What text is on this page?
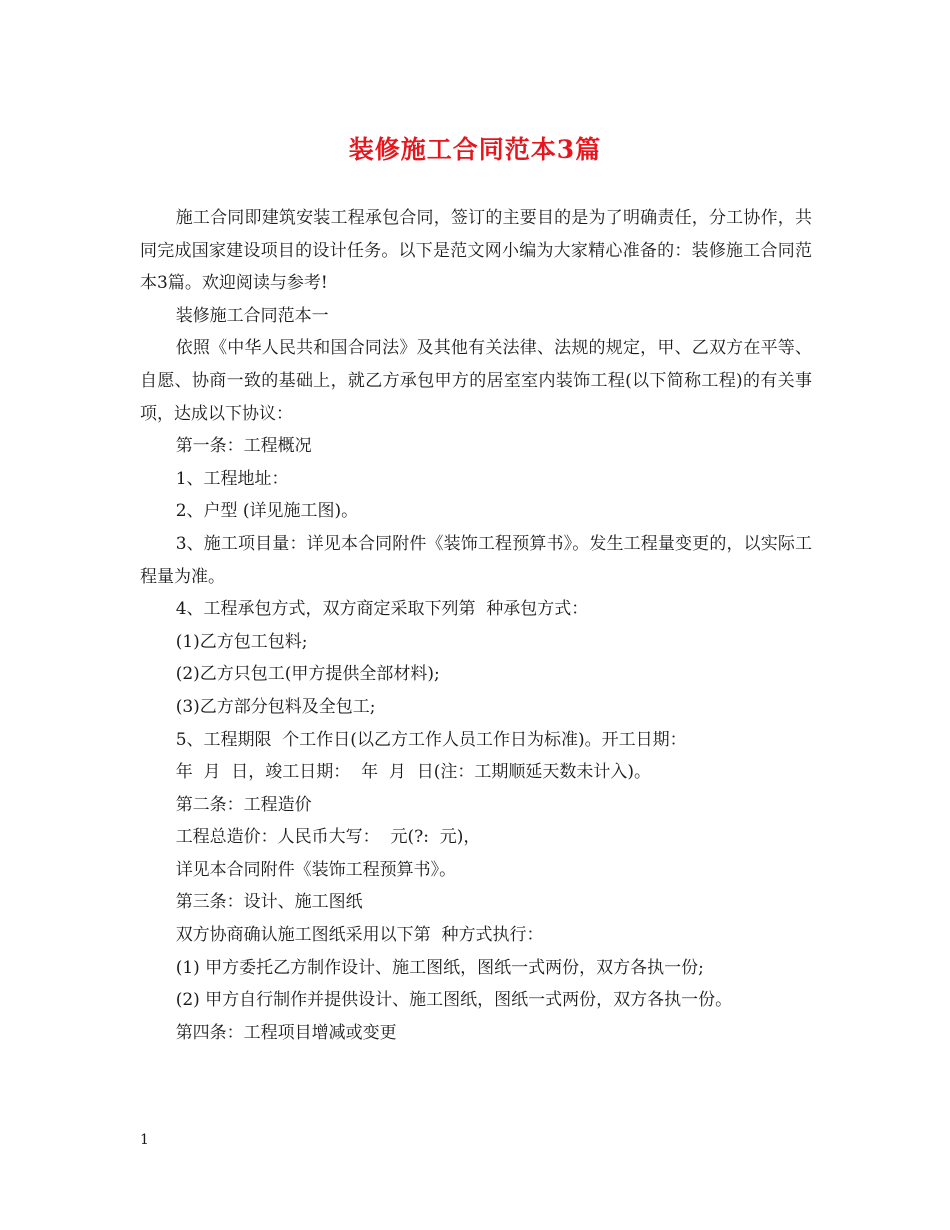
装修施工合同范本3篇

施工合同即建筑安装工程承包合同，签订的主要目的是为了明确责任，分工协作，共同完成国家建设项目的设计任务。以下是范文网小编为大家精心准备的：装修施工合同范本3篇。欢迎阅读与参考!

装修施工合同范本一

依照《中华人民共和国合同法》及其他有关法律、法规的规定，甲、乙双方在平等、自愿、协商一致的基础上，就乙方承包甲方的居室室内装饰工程(以下简称工程)的有关事项，达成以下协议：

第一条：工程概况

1、工程地址：

2、户型 (详见施工图)。

3、施工项目量：详见本合同附件《装饰工程预算书》。发生工程量变更的，以实际工程量为准。

4、工程承包方式，双方商定采取下列第  种承包方式：

(1)乙方包工包料;

(2)乙方只包工(甲方提供全部材料);

(3)乙方部分包料及全包工;

5、工程期限  个工作日(以乙方工作人员工作日为标准)。开工日期：

年  月  日，竣工日期：  年  月  日(注：工期顺延天数未计入)。

第二条：工程造价

工程总造价：人民币大写：  元(?:  元)，

详见本合同附件《装饰工程预算书》。

第三条：设计、施工图纸

双方协商确认施工图纸采用以下第  种方式执行：

(1) 甲方委托乙方制作设计、施工图纸，图纸一式两份，双方各执一份;

(2) 甲方自行制作并提供设计、施工图纸，图纸一式两份，双方各执一份。

第四条：工程项目增减或变更

1
